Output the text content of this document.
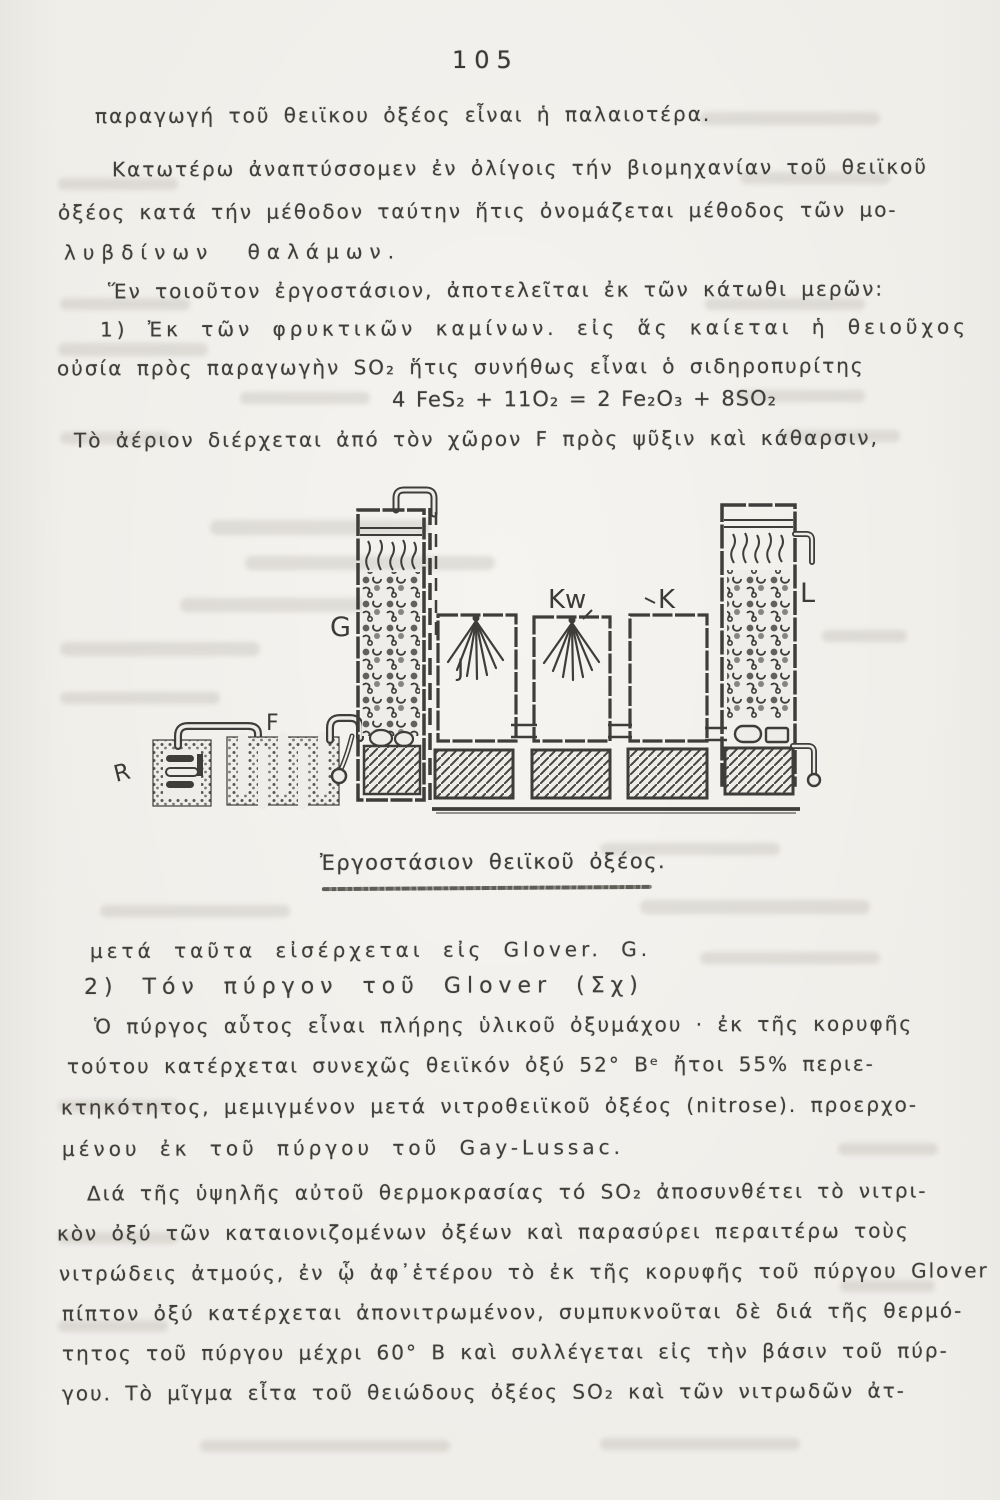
105
παραγωγή τοῦ θειϊκου ὀξέος εἶναι ἡ παλαιοτέρα.
Κατωτέρω ἀναπτύσσομεν ἐν ὀλίγοις τήν βιομηχανίαν τοῦ θειϊκοῦ
ὀξέος κατά τήν μέθοδον ταύτην ἥτις ὀνομάζεται μέθοδος τῶν μο-
λυβδίνων θαλάμων.
Ἕν τοιοῦτον ἐργοστάσιον, ἀποτελεῖται ἐκ τῶν κάτωθι μερῶν:
1) Ἐκ τῶν φρυκτικῶν καμίνων. εἰς ἅς καίεται ἡ θειοῦχος
οὐσία πρὸς παραγωγὴν SO₂ ἥτις συνήθως εἶναι ὁ σιδηροπυρίτης
4 FeS₂ + 11O₂ = 2 Fe₂O₃ + 8SO₂
Τὸ ἀέριον διέρχεται ἀπό τὸν χῶρον F πρὸς ψῦξιν καὶ κάθαρσιν,
R
F
G
J
Kw	K	L
Ἐργοστάσιον θειϊκοῦ ὀξέος.
μετά ταῦτα εἰσέρχεται εἰς Glover. G.
2) Τόν πύργον τοῦ Glover (Σχ)
Ὁ πύργος αὗτος εἶναι πλήρης ὑλικοῦ ὀξυμάχου · ἐκ τῆς κορυφῆς
τούτου κατέρχεται συνεχῶς θειϊκόν ὀξύ 52° Bᵉ ἤτοι 55% περιε-
κτηκότητος, μεμιγμένον μετά νιτροθειϊκοῦ ὀξέος (nitrose). προερχο-
μένου ἐκ τοῦ πύργου τοῦ Gay-Lussac.
Διά τῆς ὑψηλῆς αὐτοῦ θερμοκρασίας τό SO₂ ἀποσυνθέτει τὸ νιτρι-
κὸν ὀξύ τῶν καταιονιζομένων ὀξέων καὶ παρασύρει περαιτέρω τοὺς
νιτρώδεις ἀτμούς, ἐν ᾧ ἀφ᾽ἑτέρου τὸ ἐκ τῆς κορυφῆς τοῦ πύργου Glover
πίπτον ὀξύ κατέρχεται ἀπονιτρωμένον, συμπυκνοῦται δὲ διά τῆς θερμό-
τητος τοῦ πύργου μέχρι 60° B καὶ συλλέγεται εἰς τὴν βάσιν τοῦ πύρ-
γου. Τὸ μῖγμα εἶτα τοῦ θειώδους ὀξέος SO₂ καὶ τῶν νιτρωδῶν ἀτ-
